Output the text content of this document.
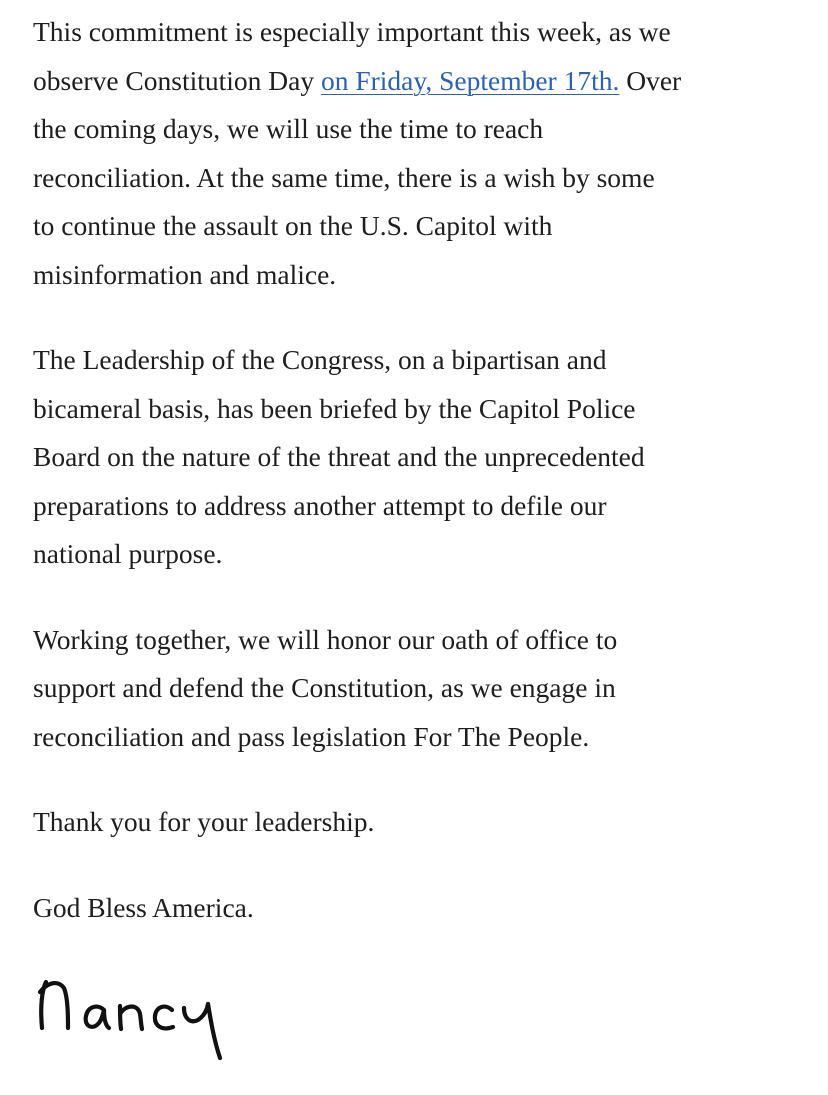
This commitment is especially important this week, as we
observe Constitution Day on Friday, September 17th. Over
the coming days, we will use the time to reach
reconciliation. At the same time, there is a wish by some
to continue the assault on the U.S. Capitol with
misinformation and malice.

The Leadership of the Congress, on a bipartisan and
bicameral basis, has been briefed by the Capitol Police
Board on the nature of the threat and the unprecedented
preparations to address another attempt to defile our
national purpose.

Working together, we will honor our oath of office to
support and defend the Constitution, as we engage in
reconciliation and pass legislation For The People.

Thank you for your leadership.

God Bless America.
